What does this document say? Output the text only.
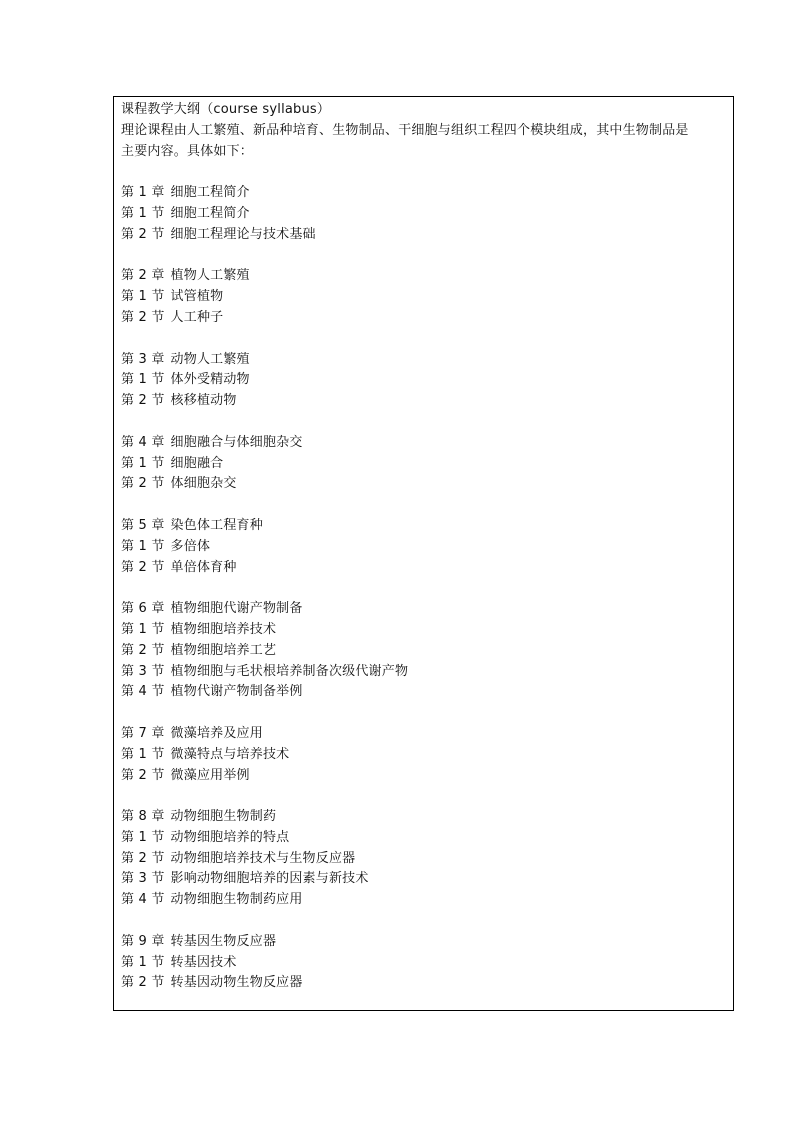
课程教学大纲（course syllabus）
理论课程由人工繁殖、新品种培育、生物制品、干细胞与组织工程四个模块组成，其中生物制品是
主要内容。具体如下：
第 1 章 细胞工程简介
第 1 节 细胞工程简介
第 2 节 细胞工程理论与技术基础
第 2 章 植物人工繁殖
第 1 节 试管植物
第 2 节 人工种子
第 3 章 动物人工繁殖
第 1 节 体外受精动物
第 2 节 核移植动物
第 4 章 细胞融合与体细胞杂交
第 1 节 细胞融合
第 2 节 体细胞杂交
第 5 章 染色体工程育种
第 1 节 多倍体
第 2 节 单倍体育种
第 6 章 植物细胞代谢产物制备
第 1 节 植物细胞培养技术
第 2 节 植物细胞培养工艺
第 3 节 植物细胞与毛状根培养制备次级代谢产物
第 4 节 植物代谢产物制备举例
第 7 章 微藻培养及应用
第 1 节 微藻特点与培养技术
第 2 节 微藻应用举例
第 8 章 动物细胞生物制药
第 1 节 动物细胞培养的特点
第 2 节 动物细胞培养技术与生物反应器
第 3 节 影响动物细胞培养的因素与新技术
第 4 节 动物细胞生物制药应用
第 9 章 转基因生物反应器
第 1 节 转基因技术
第 2 节 转基因动物生物反应器
